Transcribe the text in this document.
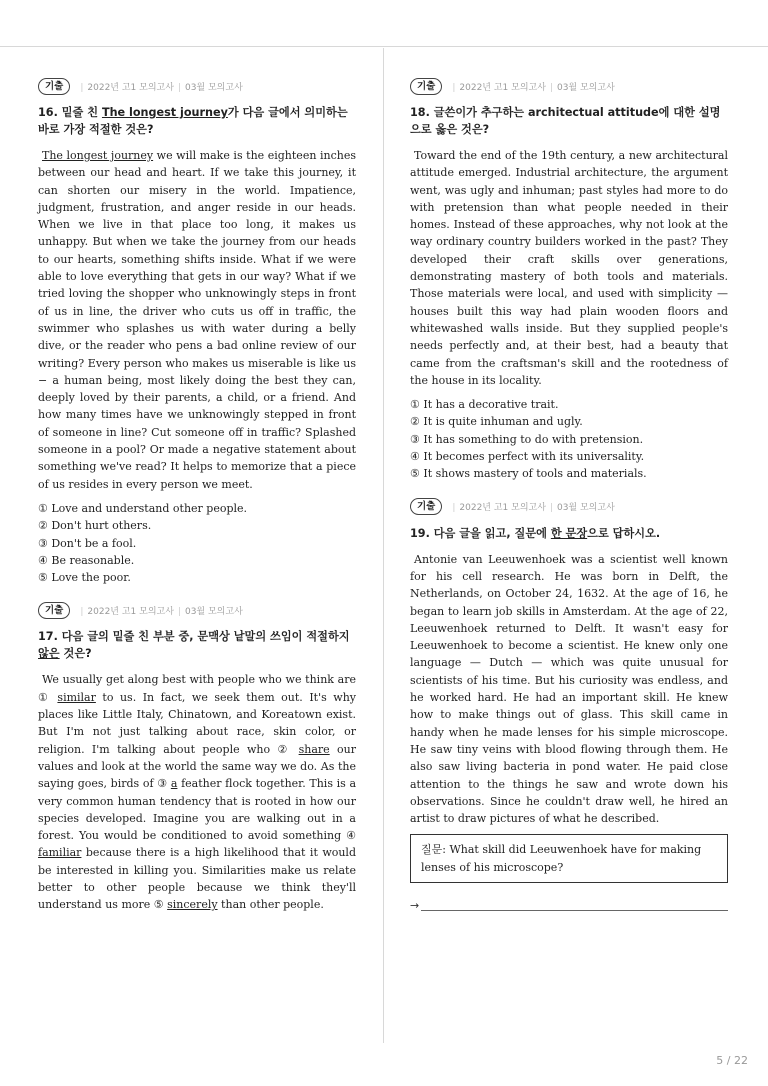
기출	| 2022년 고1 모의고사 | 03월 모의고사

16. 밑줄 친 The longest journey가 다음 글에서 의미하는 바로 가장 적절한 것은?

The longest journey we will make is the eighteen inches between our head and heart. If we take this journey, it can shorten our misery in the world. Impatience, judgment, frustration, and anger reside in our heads. When we live in that place too long, it makes us unhappy. But when we take the journey from our heads to our hearts, something shifts inside. What if we were able to love everything that gets in our way? What if we tried loving the shopper who unknowingly steps in front of us in line, the driver who cuts us off in traffic, the swimmer who splashes us with water during a belly dive, or the reader who pens a bad online review of our writing? Every person who makes us miserable is like us − a human being, most likely doing the best they can, deeply loved by their parents, a child, or a friend. And how many times have we unknowingly stepped in front of someone in line? Cut someone off in traffic? Splashed someone in a pool? Or made a negative statement about something we've read? It helps to memorize that a piece of us resides in every person we meet.

① Love and understand other people.
② Don't hurt others.
③ Don't be a fool.
④ Be reasonable.
⑤ Love the poor.
기출	| 2022년 고1 모의고사 | 03월 모의고사

17. 다음 글의 밑줄 친 부분 중, 문맥상 낱말의 쓰임이 적절하지 않은 것은?

We usually get along best with people who we think are ① similar to us. In fact, we seek them out. It's why places like Little Italy, Chinatown, and Koreatown exist. But I'm not just talking about race, skin color, or religion. I'm talking about people who ② share our values and look at the world the same way we do. As the saying goes, birds of ③ a feather flock together. This is a very common human tendency that is rooted in how our species developed. Imagine you are walking out in a forest. You would be conditioned to avoid something ④ familiar because there is a high likelihood that it would be interested in killing you. Similarities make us relate better to other people because we think they'll understand us more ⑤ sincerely than other people.

기출	| 2022년 고1 모의고사 | 03월 모의고사

18. 글쓴이가 추구하는 architectual attitude에 대한 설명으로 옳은 것은?

Toward the end of the 19th century, a new architectural attitude emerged. Industrial architecture, the argument went, was ugly and inhuman; past styles had more to do with pretension than what people needed in their homes. Instead of these approaches, why not look at the way ordinary country builders worked in the past? They developed their craft skills over generations, demonstrating mastery of both tools and materials. Those materials were local, and used with simplicity — houses built this way had plain wooden floors and whitewashed walls inside. But they supplied people's needs perfectly and, at their best, had a beauty that came from the craftsman's skill and the rootedness of the house in its locality.

① It has a decorative trait.
② It is quite inhuman and ugly.
③ It has something to do with pretension.
④ It becomes perfect with its universality.
⑤ It shows mastery of tools and materials.
기출	| 2022년 고1 모의고사 | 03월 모의고사

19. 다음 글을 읽고, 질문에 한 문장으로 답하시오.

Antonie van Leeuwenhoek was a scientist well known for his cell research. He was born in Delft, the Netherlands, on October 24, 1632. At the age of 16, he began to learn job skills in Amsterdam. At the age of 22, Leeuwenhoek returned to Delft. It wasn't easy for Leeuwenhoek to become a scientist. He knew only one language — Dutch — which was quite unusual for scientists of his time. But his curiosity was endless, and he worked hard. He had an important skill. He knew how to make things out of glass. This skill came in handy when he made lenses for his simple microscope. He saw tiny veins with blood flowing through them. He also saw living bacteria in pond water. He paid close attention to the things he saw and wrote down his observations. Since he couldn't draw well, he hired an artist to draw pictures of what he described.

질문: What skill did Leeuwenhoek have for making lenses of his microscope?
→
5 / 22
